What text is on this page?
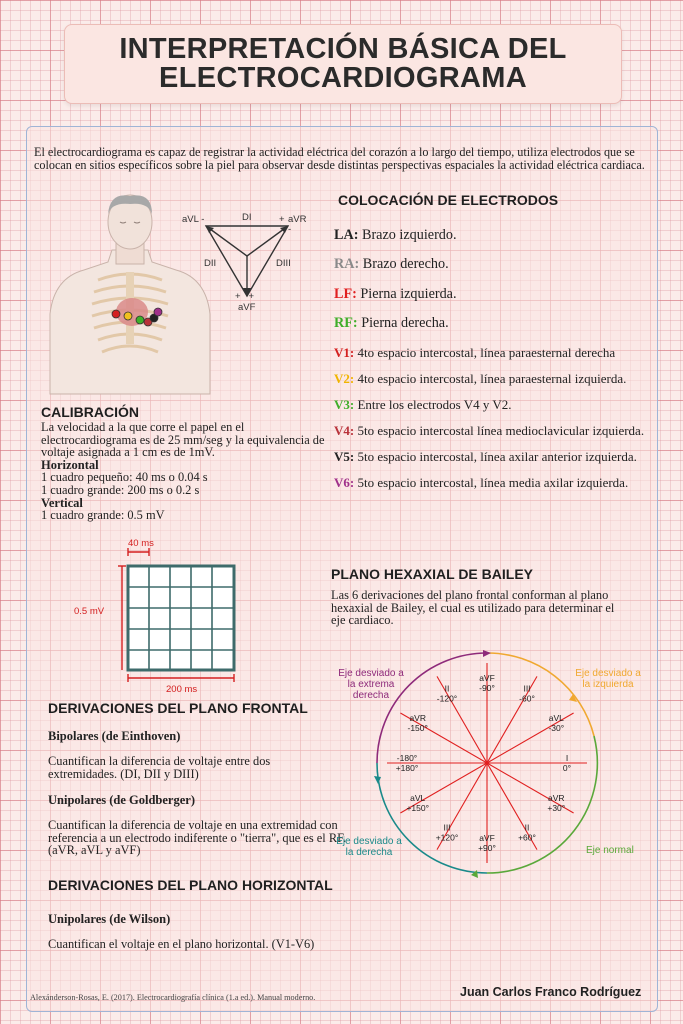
INTERPRETACIÓN BÁSICA DEL
ELECTROCARDIOGRAMA

El electrocardiograma es capaz de registrar la actividad eléctrica del corazón a lo largo del tiempo, utiliza electrodos que se colocan en sitios específicos sobre la piel para observar desde distintas perspectivas espaciales la actividad eléctrica cardiaca.

aVL -	DI	+ aVR
-
DII	DIII
+   +
aVF
COLOCACIÓN DE ELECTRODOS
LA: Brazo izquierdo.
RA: Brazo derecho.
LF: Pierna izquierda.
RF: Pierna derecha.
V1: 4to espacio intercostal, línea paraesternal derecha
V2: 4to espacio intercostal, línea paraesternal izquierda.
V3: Entre los electrodos V4 y V2.
V4: 5to espacio intercostal línea medioclavicular izquierda.
V5: 5to espacio intercostal, línea axilar anterior izquierda.
V6: 5to espacio intercostal, línea media axilar izquierda.
CALIBRACIÓN
La velocidad a la que corre el papel en el electrocardiograma es de 25 mm/seg y la equivalencia de voltaje asignada a 1 cm es de 1mV.
Horizontal
1 cuadro pequeño: 40 ms o 0.04 s
1 cuadro grande: 200 ms o 0.2 s
Vertical
1 cuadro grande: 0.5 mV
40 ms
0.5 mV
200 ms
DERIVACIONES DEL PLANO FRONTAL
Bipolares (de Einthoven)
Cuantifican la diferencia de voltaje entre dos extremidades. (DI, DII y DIII)
Unipolares (de Goldberger)
Cuantifican la diferencia de voltaje en una extremidad con referencia a un electrodo indiferente o "tierra", que es el RF. (aVR, aVL y aVF)
DERIVACIONES DEL PLANO HORIZONTAL
Unipolares (de Wilson)
Cuantifican el voltaje en el plano horizontal. (V1-V6)
PLANO HEXAXIAL DE BAILEY
Las 6 derivaciones del plano frontal conforman al plano hexaxial de Bailey, el cual es utilizado para determinar el eje cardiaco.
aVF
-90°
II
-120°
III
-60°
aVR
-150°
aVL
-30°
I
0°
-180°
+180°
aVL
+150°
aVR
+30°
III
+120° aVF
+90°
II
+60°
Eje desviado a la extrema derecha
Eje desviado a la izquierda
Eje desviado a la derecha	Eje normal
Juan Carlos Franco Rodríguez
Alexánderson-Rosas, E. (2017). Electrocardiografía clínica (1.a ed.). Manual moderno.
